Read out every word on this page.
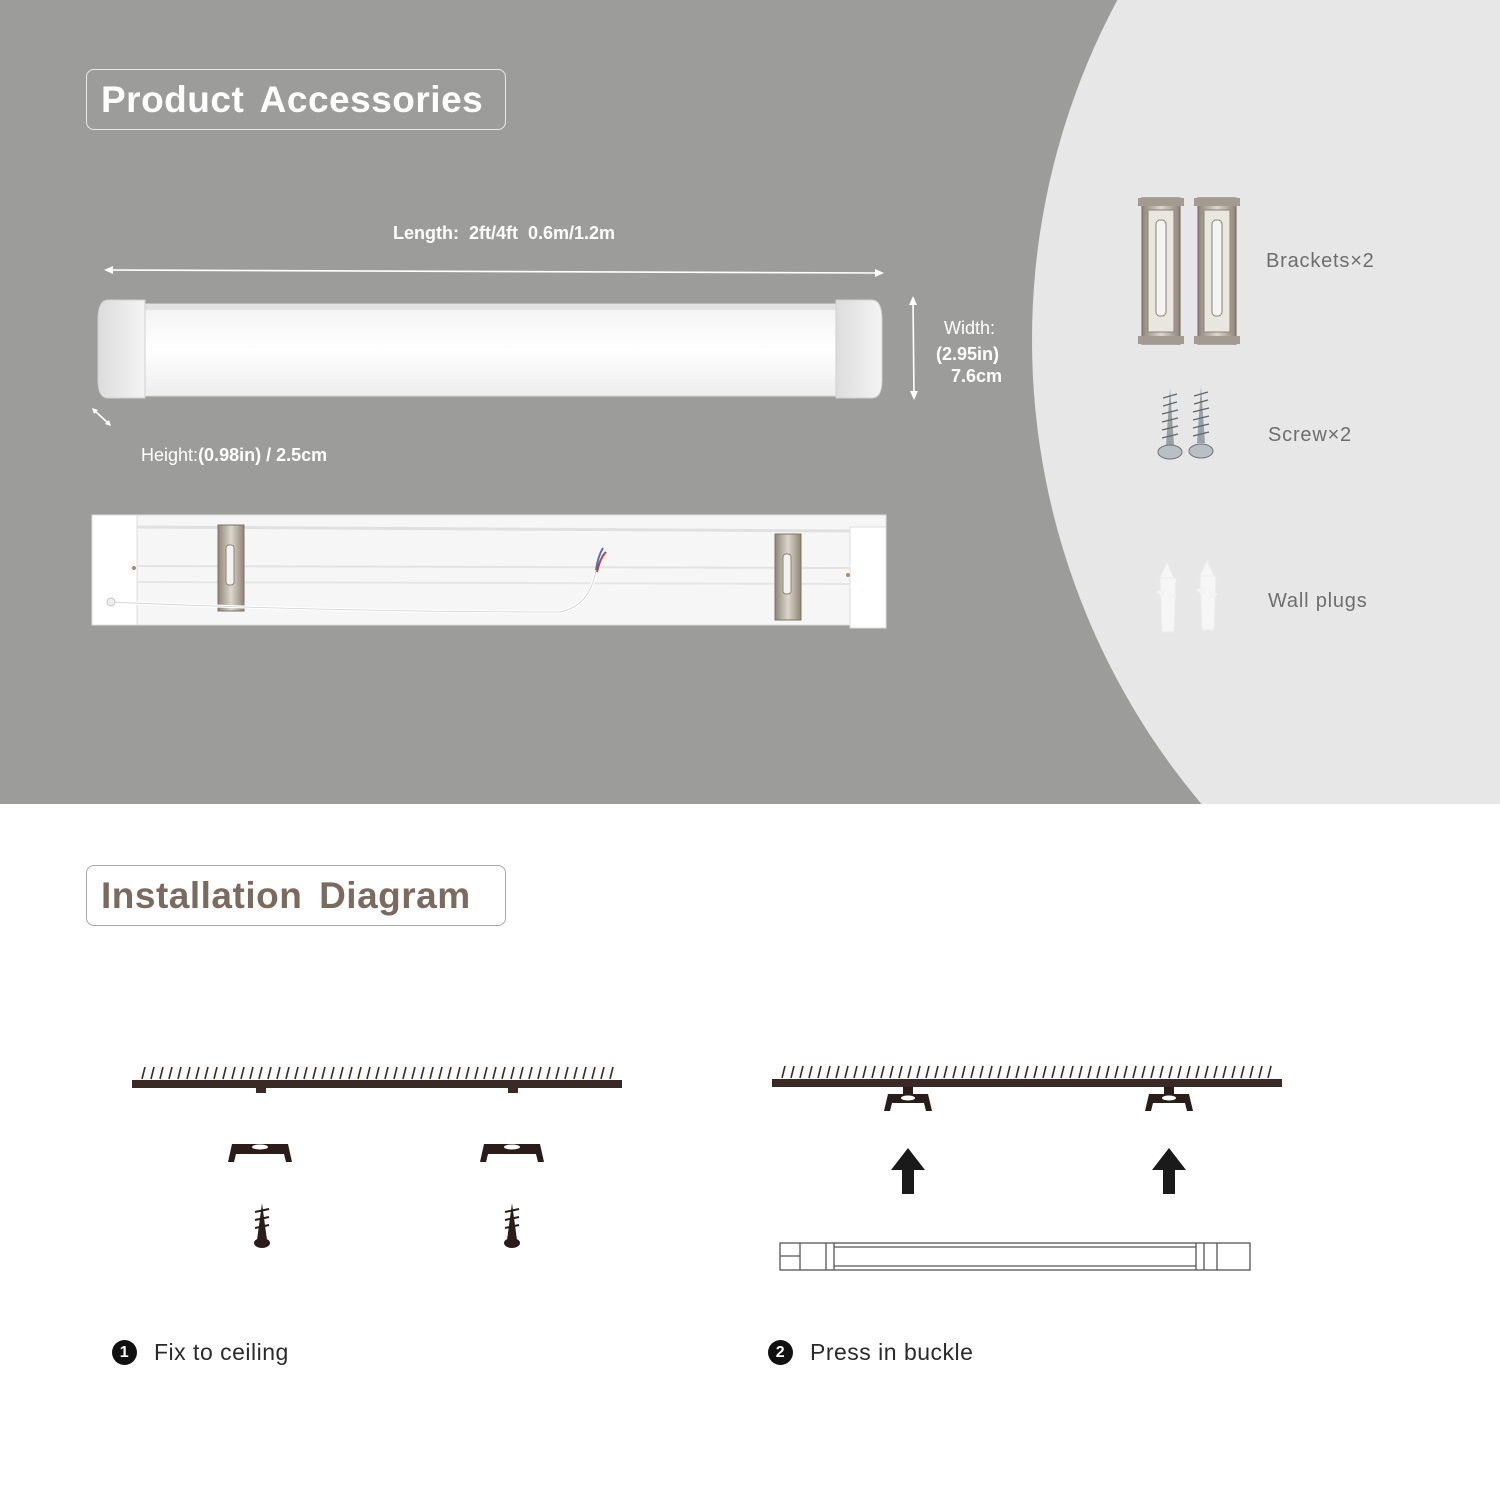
Product Accessories
Length:  2ft/4ft  0.6m/1.2m
Width:
(2.95in)
7.6cm

Height:(0.98in) / 2.5cm

Brackets×2
Screw×2
Wall plugs
Installation Diagram
1	Fix to ceiling	2	Press in buckle
